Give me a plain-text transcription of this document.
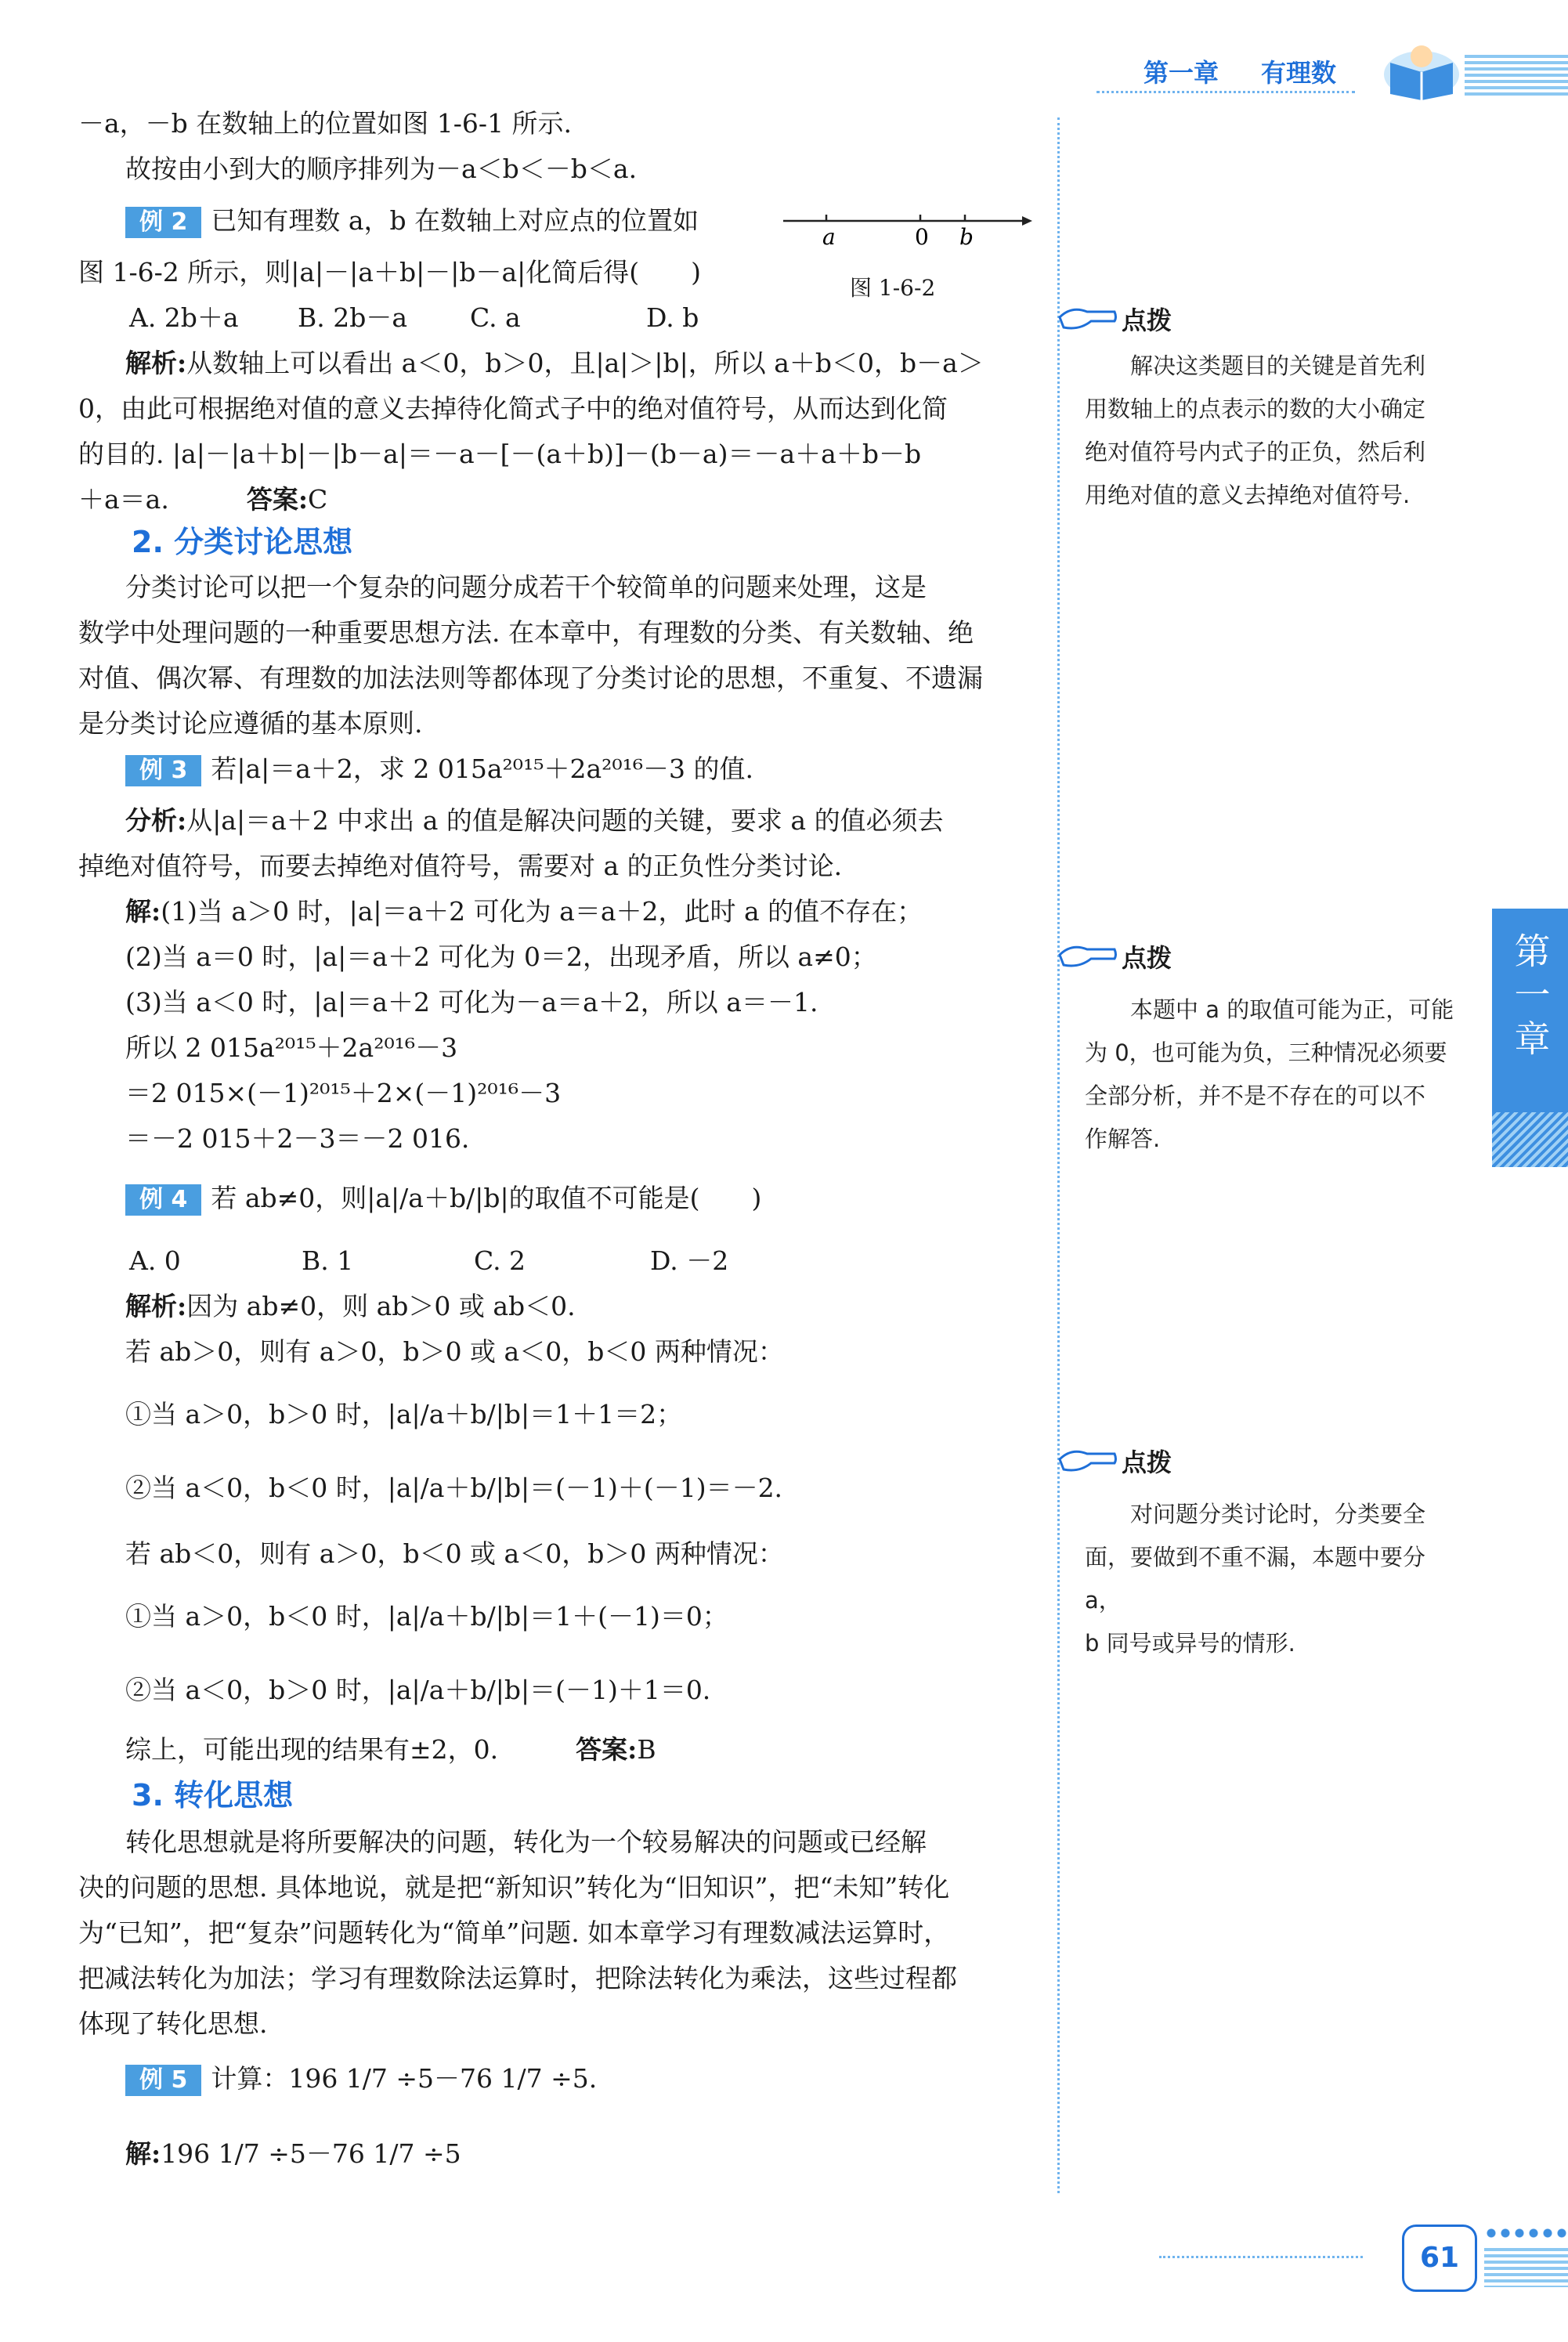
第一章 有理数
－a，－b 在数轴上的位置如图 1-6-1 所示.
故按由小到大的顺序排列为－a＜b＜－b＜a.
例 2 已知有理数 a，b 在数轴上对应点的位置如
a	0 b
图 1-6-2
图 1-6-2 所示，则|a|－|a＋b|－|b－a|化简后得(　　)
A. 2b＋a B. 2b－a C. a	D. b
解析:从数轴上可以看出 a＜0，b＞0，且|a|＞|b|，所以 a＋b＜0，b－a＞
0，由此可根据绝对值的意义去掉待化简式子中的绝对值符号，从而达到化简
的目的. |a|－|a＋b|－|b－a|＝－a－[－(a＋b)]－(b－a)＝－a＋a＋b－b
＋a＝a.　　　	答案:C
2. 分类讨论思想
分类讨论可以把一个复杂的问题分成若干个较简单的问题来处理，这是
数学中处理问题的一种重要思想方法. 在本章中，有理数的分类、有关数轴、绝
对值、偶次幂、有理数的加法法则等都体现了分类讨论的思想，不重复、不遗漏
是分类讨论应遵循的基本原则.
例 3 若|a|＝a＋2，求 2 015a²⁰¹⁵＋2a²⁰¹⁶－3 的值.
分析:从|a|＝a＋2 中求出 a 的值是解决问题的关键，要求 a 的值必须去
掉绝对值符号，而要去掉绝对值符号，需要对 a 的正负性分类讨论.
解:(1)当 a＞0 时，|a|＝a＋2 可化为 a＝a＋2，此时 a 的值不存在；
(2)当 a＝0 时，|a|＝a＋2 可化为 0＝2，出现矛盾，所以 a≠0；
(3)当 a＜0 时，|a|＝a＋2 可化为－a＝a＋2，所以 a＝－1.
所以 2 015a²⁰¹⁵＋2a²⁰¹⁶－3
＝2 015×(－1)²⁰¹⁵＋2×(－1)²⁰¹⁶－3
＝－2 015＋2－3＝－2 016.
例 4 若 ab≠0，则|a|/a＋b/|b|的取值不可能是(　　)
A. 0	B. 1	C. 2	D. －2
解析:因为 ab≠0，则 ab＞0 或 ab＜0.
若 ab＞0，则有 a＞0，b＞0 或 a＜0，b＜0 两种情况：
①当 a＞0，b＞0 时，|a|/a＋b/|b|＝1＋1＝2；
②当 a＜0，b＜0 时，|a|/a＋b/|b|＝(－1)＋(－1)＝－2.
若 ab＜0，则有 a＞0，b＜0 或 a＜0，b＞0 两种情况：
①当 a＞0，b＜0 时，|a|/a＋b/|b|＝1＋(－1)＝0；
②当 a＜0，b＞0 时，|a|/a＋b/|b|＝(－1)＋1＝0.
综上，可能出现的结果有±2，0.　　　	答案:B
3. 转化思想
转化思想就是将所要解决的问题，转化为一个较易解决的问题或已经解
决的问题的思想. 具体地说，就是把“新知识”转化为“旧知识”，把“未知”转化
为“已知”，把“复杂”问题转化为“简单”问题. 如本章学习有理数减法运算时，
把减法转化为加法；学习有理数除法运算时，把除法转化为乘法，这些过程都
体现了转化思想.
例 5 计算：196 1/7 ÷5－76 1/7 ÷5.
解:196 1/7 ÷5－76 1/7 ÷5
点拨
解决这类题目的关键是首先利
用数轴上的点表示的数的大小确定
绝对值符号内式子的正负，然后利
用绝对值的意义去掉绝对值符号.
点拨
本题中 a 的取值可能为正，可能
为 0，也可能为负，三种情况必须要
全部分析，并不是不存在的可以不
作解答.
点拨
对问题分类讨论时，分类要全
面，要做到不重不漏，本题中要分 a，
b 同号或异号的情形.
第一章
61
